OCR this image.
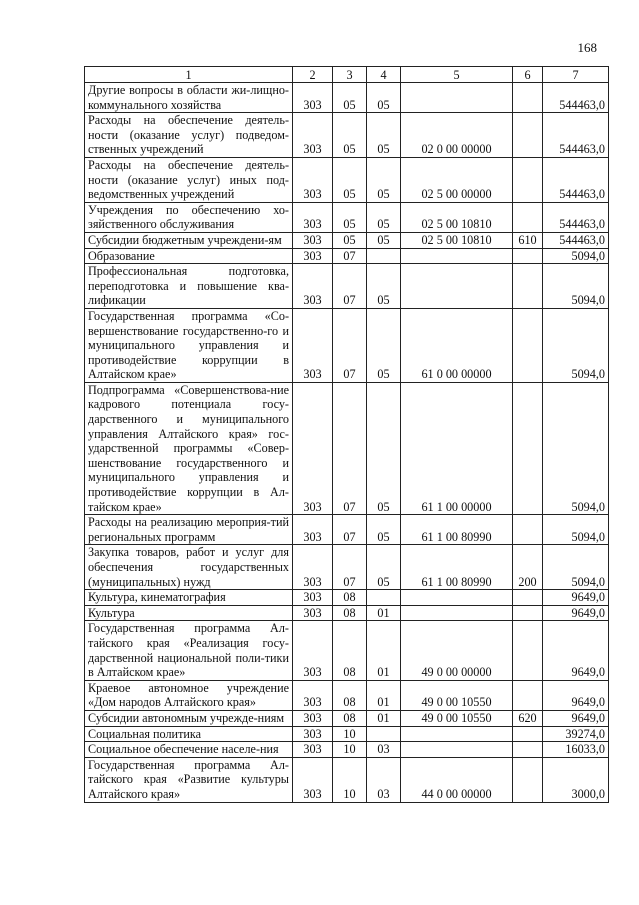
168
1	2	3	4	5	6	7
Другие вопросы в области жи-лищно-коммунального хозяйства	303	05	05			544463,0
Расходы на обеспечение деятель-ности (оказание услуг) подведом-ственных учреждений	303	05	05	02 0 00 00000		544463,0
Расходы на обеспечение деятель-ности (оказание услуг) иных под-ведомственных учреждений	303	05	05	02 5 00 00000		544463,0
Учреждения по обеспечению хо-зяйственного обслуживания	303	05	05	02 5 00 10810		544463,0
Субсидии бюджетным учреждени-ям	303	05	05	02 5 00 10810	610	544463,0
Образование	303	07				5094,0
Профессиональная подготовка, переподготовка и повышение ква-лификации	303	07	05			5094,0
Государственная программа «Со-вершенствование государственно-го и муниципального управления и противодействие коррупции в Алтайском крае»	303	07	05	61 0 00 00000		5094,0
Подпрограмма «Совершенствова-ние кадрового потенциала госу-дарственного и муниципального управления Алтайского края» гос-ударственной программы «Совер-шенствование государственного и муниципального управления и противодействие коррупции в Ал-тайском крае»	303	07	05	61 1 00 00000		5094,0
Расходы на реализацию мероприя-тий региональных программ	303	07	05	61 1 00 80990		5094,0
Закупка товаров, работ и услуг для обеспечения государственных (муниципальных) нужд	303	07	05	61 1 00 80990	200	5094,0
Культура, кинематография	303	08				9649,0
Культура	303	08	01			9649,0
Государственная программа Ал-тайского края «Реализация госу-дарственной национальной поли-тики в Алтайском крае»	303	08	01	49 0 00 00000		9649,0
Краевое автономное учреждение «Дом народов Алтайского края»	303	08	01	49 0 00 10550		9649,0
Субсидии автономным учрежде-ниям	303	08	01	49 0 00 10550	620	9649,0
Социальная политика	303	10				39274,0
Социальное обеспечение населе-ния	303	10	03			16033,0
Государственная программа Ал-тайского края «Развитие культуры Алтайского края»	303	10	03	44 0 00 00000		3000,0
